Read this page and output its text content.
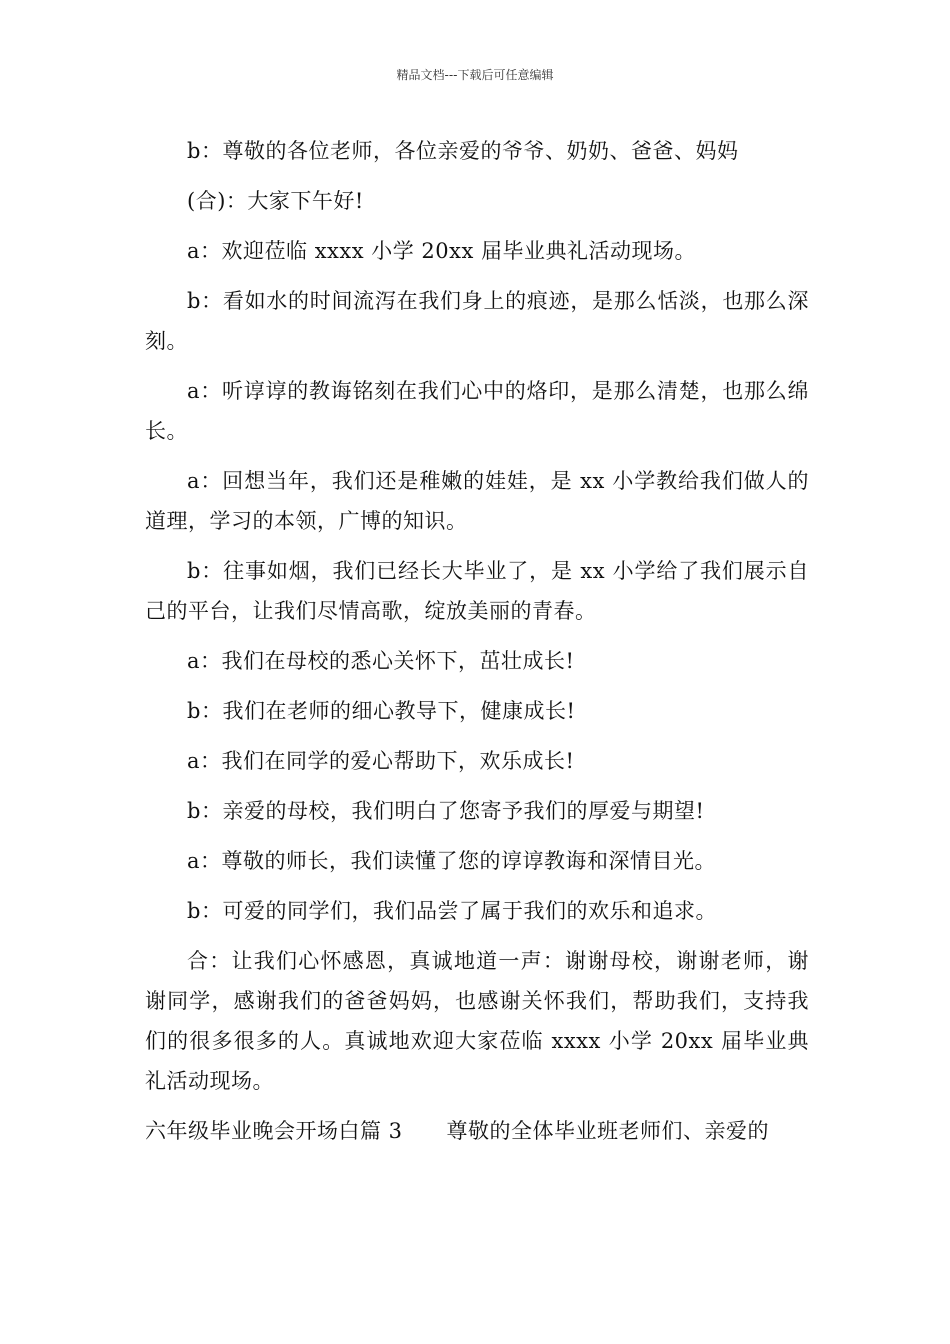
精品文档---下载后可任意编辑

b：尊敬的各位老师，各位亲爱的爷爷、奶奶、爸爸、妈妈

(合)：大家下午好!

a：欢迎莅临 xxxx 小学 20xx 届毕业典礼活动现场。

b：看如水的时间流泻在我们身上的痕迹，是那么恬淡，也那么深刻。

a：听谆谆的教诲铭刻在我们心中的烙印，是那么清楚，也那么绵长。

a：回想当年，我们还是稚嫩的娃娃，是 xx 小学教给我们做人的道理，学习的本领，广博的知识。

b：往事如烟，我们已经长大毕业了，是 xx 小学给了我们展示自己的平台，让我们尽情高歌，绽放美丽的青春。

a：我们在母校的悉心关怀下，茁壮成长!

b：我们在老师的细心教导下，健康成长!

a：我们在同学的爱心帮助下，欢乐成长!

b：亲爱的母校，我们明白了您寄予我们的厚爱与期望!

a：尊敬的师长，我们读懂了您的谆谆教诲和深情目光。

b：可爱的同学们，我们品尝了属于我们的欢乐和追求。

合：让我们心怀感恩，真诚地道一声：谢谢母校，谢谢老师，谢谢同学，感谢我们的爸爸妈妈，也感谢关怀我们，帮助我们，支持我们的很多很多的人。真诚地欢迎大家莅临 xxxx 小学 20xx 届毕业典礼活动现场。

六年级毕业晚会开场白篇 3 尊敬的全体毕业班老师们、亲爱的
